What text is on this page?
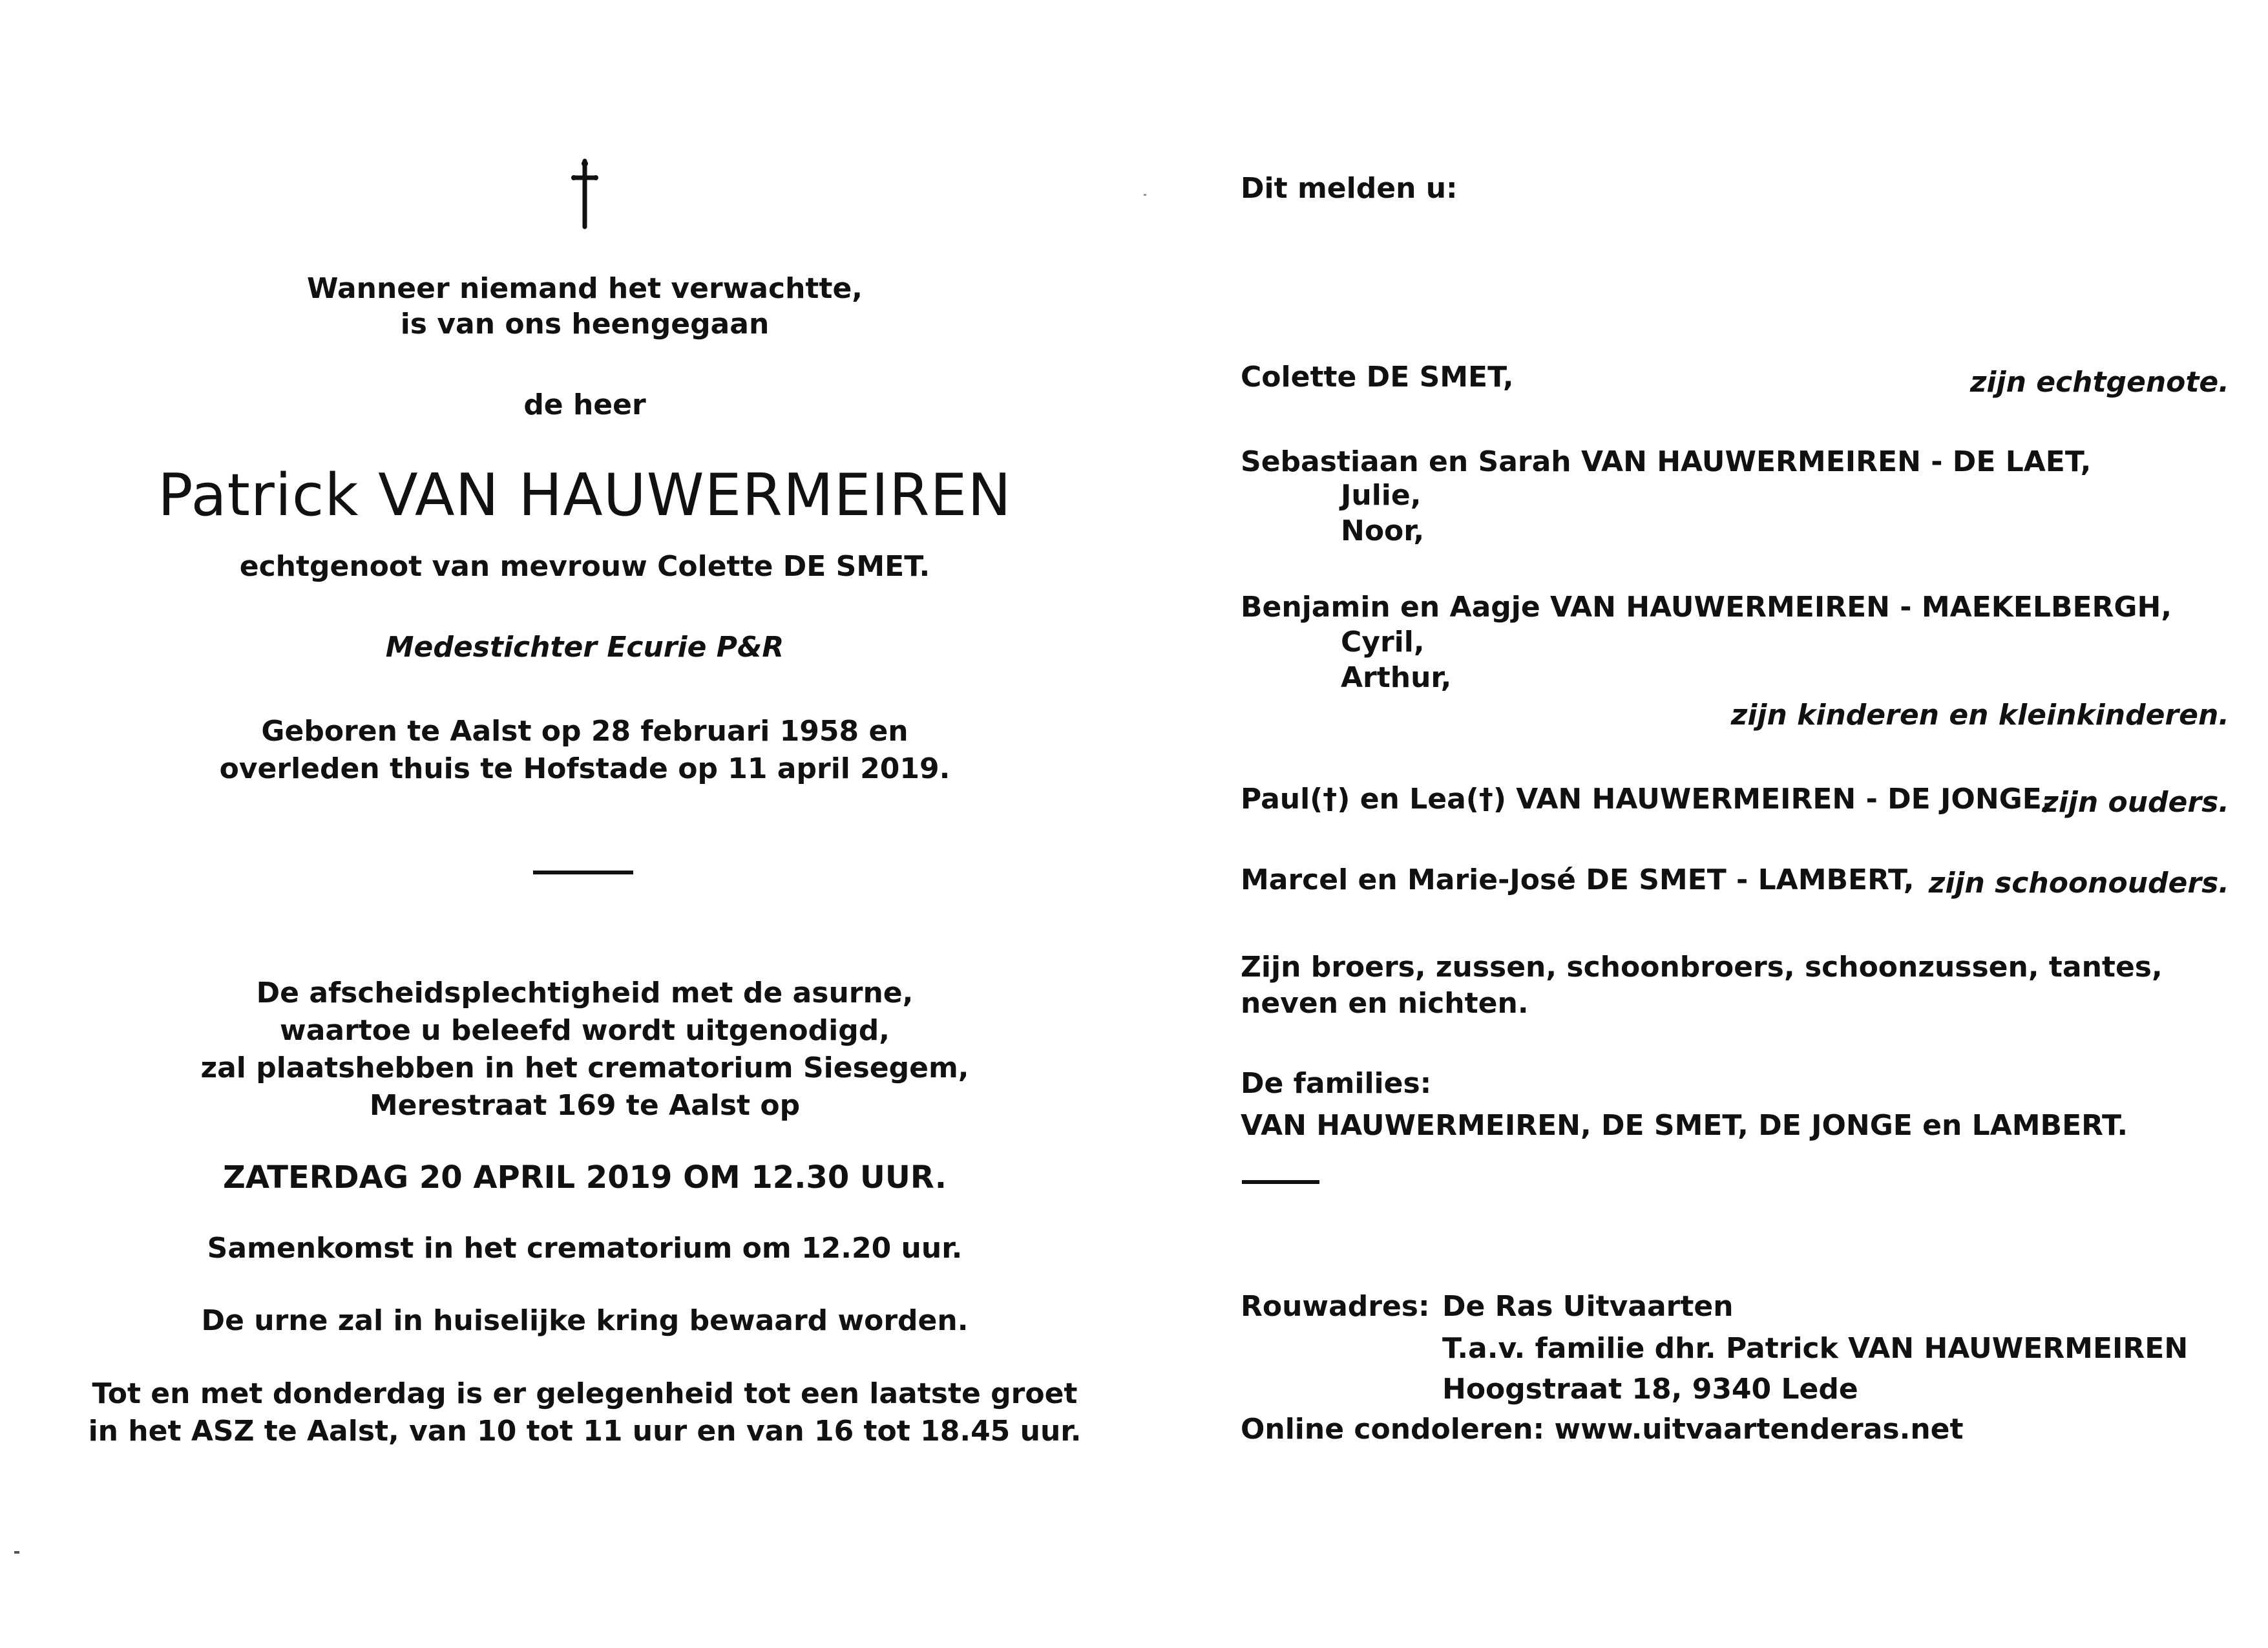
Wanneer niemand het verwachtte,
is van ons heengegaan
de heer
Patrick VAN HAUWERMEIREN
echtgenoot van mevrouw Colette DE SMET.
Medestichter Ecurie P&R
Geboren te Aalst op 28 februari 1958 en
overleden thuis te Hofstade op 11 april 2019.
De afscheidsplechtigheid met de asurne,
waartoe u beleefd wordt uitgenodigd,
zal plaatshebben in het crematorium Siesegem,
Merestraat 169 te Aalst op
ZATERDAG 20 APRIL 2019 OM 12.30 UUR.
Samenkomst in het crematorium om 12.20 uur.
De urne zal in huiselijke kring bewaard worden.
Tot en met donderdag is er gelegenheid tot een laatste groet
in het ASZ te Aalst, van 10 tot 11 uur en van 16 tot 18.45 uur.
Dit melden u:
Colette DE SMET,	zijn echtgenote.
Sebastiaan en Sarah VAN HAUWERMEIREN - DE LAET,
Julie,
Noor,
Benjamin en Aagje VAN HAUWERMEIREN - MAEKELBERGH,
Cyril,
Arthur,
zijn kinderen en kleinkinderen.
Paul(†) en Lea(†) VAN HAUWERMEIREN - DE JONGE,
zijn ouders.
Marcel en Marie-José DE SMET - LAMBERT, zijn schoonouders.
Zijn broers, zussen, schoonbroers, schoonzussen, tantes,
neven en nichten.
De families:
VAN HAUWERMEIREN, DE SMET, DE JONGE en LAMBERT.
Rouwadres: De Ras Uitvaarten
T.a.v. familie dhr. Patrick VAN HAUWERMEIREN
Hoogstraat 18, 9340 Lede
Online condoleren: www.uitvaartenderas.net
